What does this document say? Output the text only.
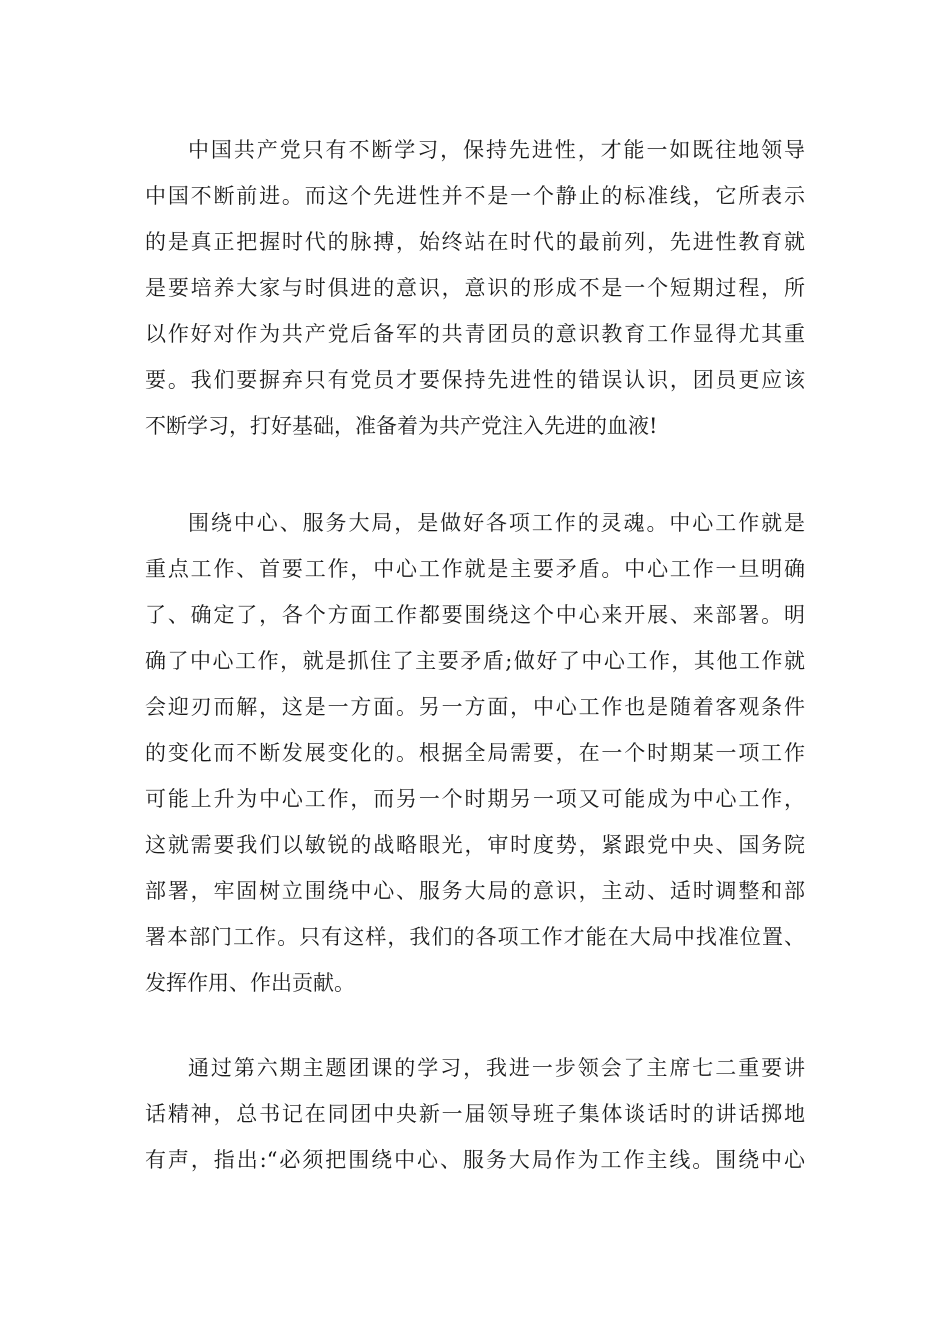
中国共产党只有不断学习，保持先进性，才能一如既往地领导
中国不断前进。而这个先进性并不是一个静止的标准线，它所表示
的是真正把握时代的脉搏，始终站在时代的最前列，先进性教育就
是要培养大家与时俱进的意识，意识的形成不是一个短期过程，所
以作好对作为共产党后备军的共青团员的意识教育工作显得尤其重
要。我们要摒弃只有党员才要保持先进性的错误认识，团员更应该
不断学习，打好基础，准备着为共产党注入先进的血液!
围绕中心、服务大局，是做好各项工作的灵魂。中心工作就是
重点工作、首要工作，中心工作就是主要矛盾。中心工作一旦明确
了、确定了，各个方面工作都要围绕这个中心来开展、来部署。明
确了中心工作，就是抓住了主要矛盾;做好了中心工作，其他工作就
会迎刃而解，这是一方面。另一方面，中心工作也是随着客观条件
的变化而不断发展变化的。根据全局需要，在一个时期某一项工作
可能上升为中心工作，而另一个时期另一项又可能成为中心工作，
这就需要我们以敏锐的战略眼光，审时度势，紧跟党中央、国务院
部署，牢固树立围绕中心、服务大局的意识，主动、适时调整和部
署本部门工作。只有这样，我们的各项工作才能在大局中找准位置、
发挥作用、作出贡献。
通过第六期主题团课的学习，我进一步领会了主席七二重要讲
话精神，总书记在同团中央新一届领导班子集体谈话时的讲话掷地
有声，指出:“必须把围绕中心、服务大局作为工作主线。围绕中心
